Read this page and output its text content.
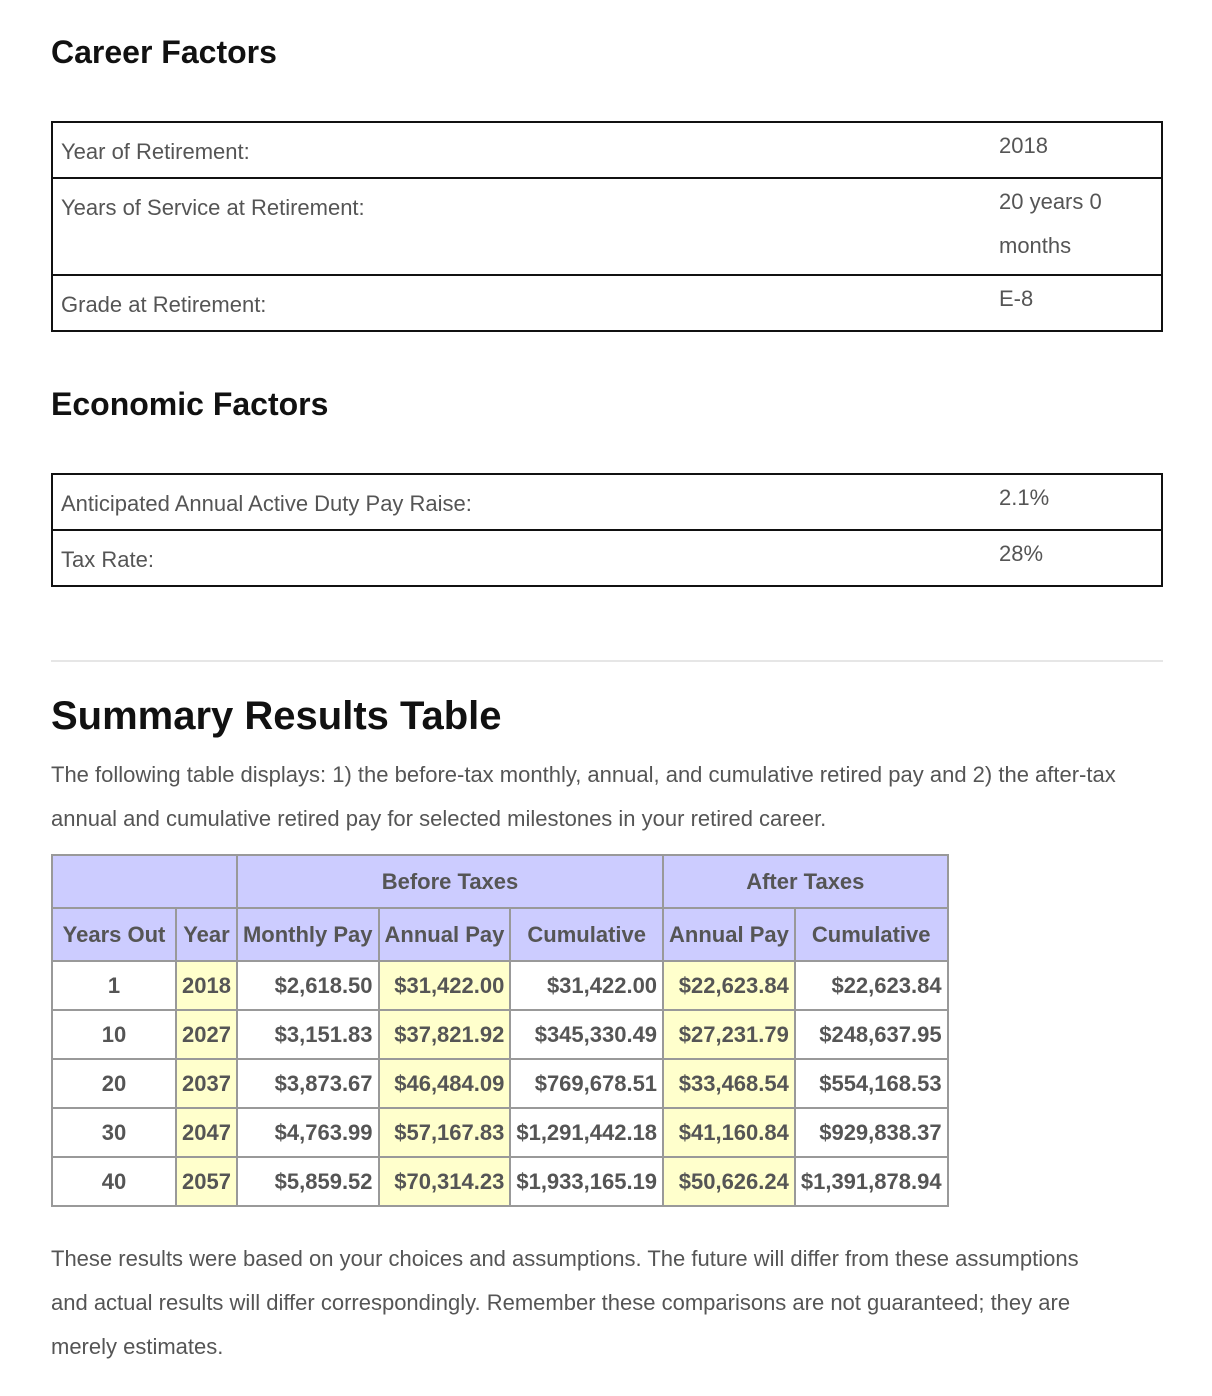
Career Factors
Year of Retirement:	2018

Years of Service at Retirement:	20 years 0 months

Grade at Retirement:	E-8
Economic Factors
Anticipated Annual Active Duty Pay Raise:	2.1%

Tax Rate:	28%
Summary Results Table

The following table displays: 1) the before-tax monthly, annual, and cumulative retired pay and 2) the after-tax annual and cumulative retired pay for selected milestones in your retired career.

		Before Taxes			After Taxes	
Years Out	Year	Monthly Pay	Annual Pay	Cumulative	Annual Pay	Cumulative
1	2018	$2,618.50	$31,422.00	$31,422.00	$22,623.84	$22,623.84
10	2027	$3,151.83	$37,821.92	$345,330.49	$27,231.79	$248,637.95
20	2037	$3,873.67	$46,484.09	$769,678.51	$33,468.54	$554,168.53
30	2047	$4,763.99	$57,167.83	$1,291,442.18	$41,160.84	$929,838.37
40	2057	$5,859.52	$70,314.23	$1,933,165.19	$50,626.24	$1,391,878.94

These results were based on your choices and assumptions. The future will differ from these assumptions and actual results will differ correspondingly. Remember these comparisons are not guaranteed; they are merely estimates.
